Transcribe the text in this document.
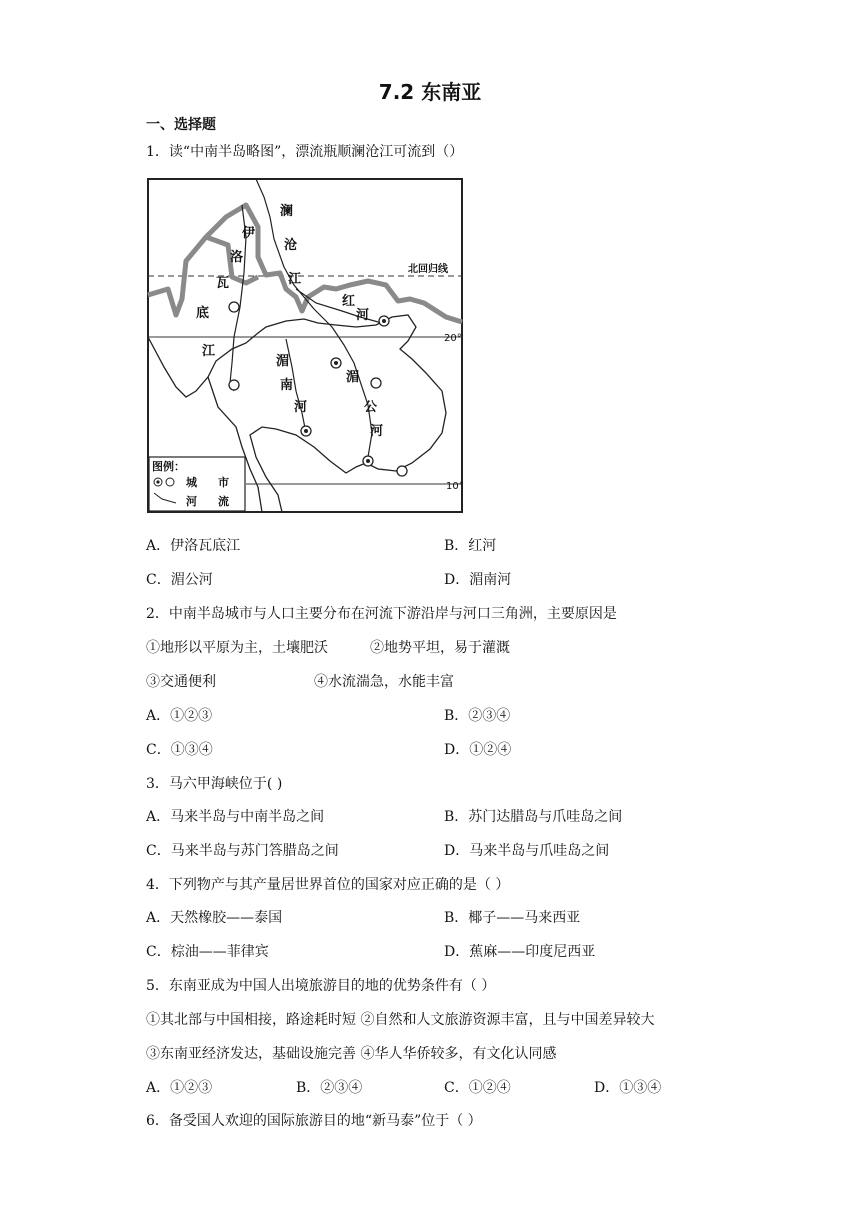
7.2 东南亚
一、选择题
1．读“中南半岛略图”，漂流瓶顺澜沧江可流到（）
澜
沧
江
伊
洛
瓦
底
江
红
河
湄
南
河
湄
公
河
北回归线
20°
10°
图例：
城 市
河 流
A．伊洛瓦底江	B．红河
C．湄公河	D．湄南河
2．中南半岛城市与人口主要分布在河流下游沿岸与河口三角洲，主要原因是
①地形以平原为主，土壤肥沃	②地势平坦，易于灌溉
③交通便利	④水流湍急，水能丰富
A．①②③	B．②③④
C．①③④	D．①②④
3．马六甲海峡位于( )
A．马来半岛与中南半岛之间	B．苏门达腊岛与爪哇岛之间
C．马来半岛与苏门答腊岛之间	D．马来半岛与爪哇岛之间
4．下列物产与其产量居世界首位的国家对应正确的是（ ）
A．天然橡胶——泰国	B．椰子——马来西亚
C．棕油——菲律宾	D．蕉麻——印度尼西亚
5．东南亚成为中国人出境旅游目的地的优势条件有（ ）
①其北部与中国相接，路途耗时短 ②自然和人文旅游资源丰富，且与中国差异较大
③东南亚经济发达，基础设施完善 ④华人华侨较多，有文化认同感
A．①②③	B．②③④	C．①②④	D．①③④
6．备受国人欢迎的国际旅游目的地“新马泰”位于（ ）
